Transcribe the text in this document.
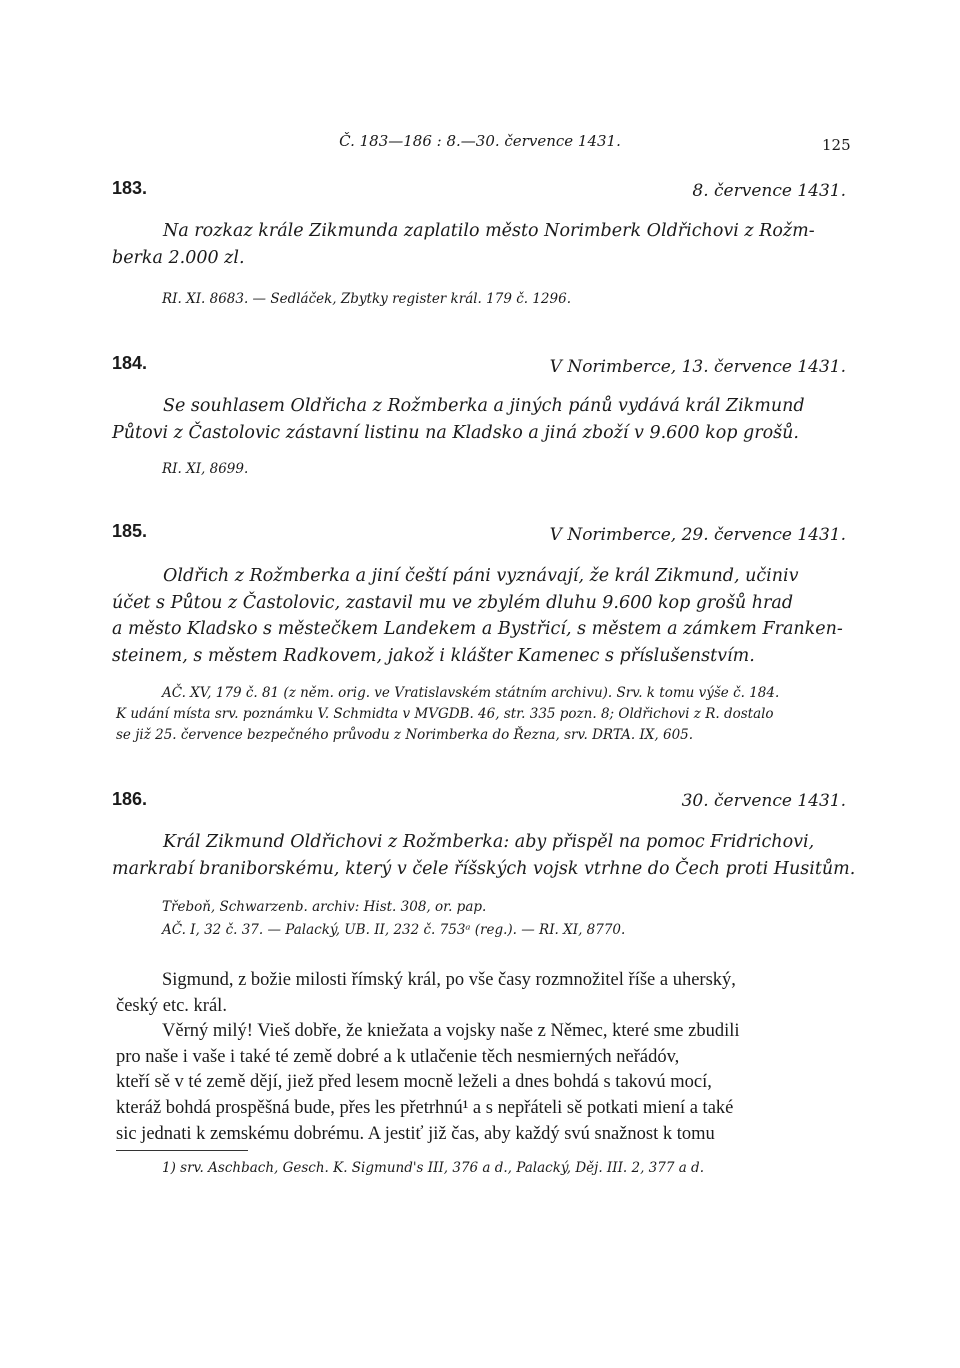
Č. 183—186 : 8.—30. července 1431.	125
183.	8. července 1431.
Na rozkaz krále Zikmunda zaplatilo město Norimberk Oldřichovi z Rožm-
berka 2.000 zl.
RI. XI. 8683. — Sedláček, Zbytky register král. 179 č. 1296.
184.	V Norimberce, 13. července 1431.
Se souhlasem Oldřicha z Rožmberka a jiných pánů vydává král Zikmund
Půtovi z Častolovic zástavní listinu na Kladsko a jiná zboží v 9.600 kop grošů.
RI. XI, 8699.
185.	V Norimberce, 29. července 1431.
Oldřich z Rožmberka a jiní čeští páni vyznávají, že král Zikmund, učiniv
účet s Půtou z Častolovic, zastavil mu ve zbylém dluhu 9.600 kop grošů hrad
a město Kladsko s městečkem Landekem a Bystřicí, s městem a zámkem Franken-
steinem, s městem Radkovem, jakož i klášter Kamenec s příslušenstvím.
AČ. XV, 179 č. 81 (z něm. orig. ve Vratislavském státním archivu). Srv. k tomu výše č. 184.
K udání místa srv. poznámku V. Schmidta v MVGDB. 46, str. 335 pozn. 8; Oldřichovi z R. dostalo
se již 25. července bezpečného průvodu z Norimberka do Řezna, srv. DRTA. IX, 605.
186.	30. července 1431.
Král Zikmund Oldřichovi z Rožmberka: aby přispěl na pomoc Fridrichovi,
markrabí braniborskému, který v čele říšských vojsk vtrhne do Čech proti Husitům.
Třeboň, Schwarzenb. archiv: Hist. 308, or. pap.
AČ. I, 32 č. 37. — Palacký, UB. II, 232 č. 753ᵃ (reg.). — RI. XI, 8770.
Sigmund, z božie milosti římský král, po vše časy rozmnožitel říše a uherský,
český etc. král.
Věrný milý! Vieš dobře, že kniežata a vojsky naše z Němec, které sme zbudili
pro naše i vaše i také té země dobré a k utlačenie těch nesmierných neřádóv,
kteří sě v té země dějí, jiež před lesem mocně leželi a dnes bohdá s takovú mocí,
kteráž bohdá prospěšná bude, přes les přetrhnú¹ a s nepřáteli sě potkati miení a také
sic jednati k zemskému dobrému. A jestiť již čas, aby každý svú snažnost k tomu
1) srv. Aschbach, Gesch. K. Sigmund's III, 376 a d., Palacký, Děj. III. 2, 377 a d.
